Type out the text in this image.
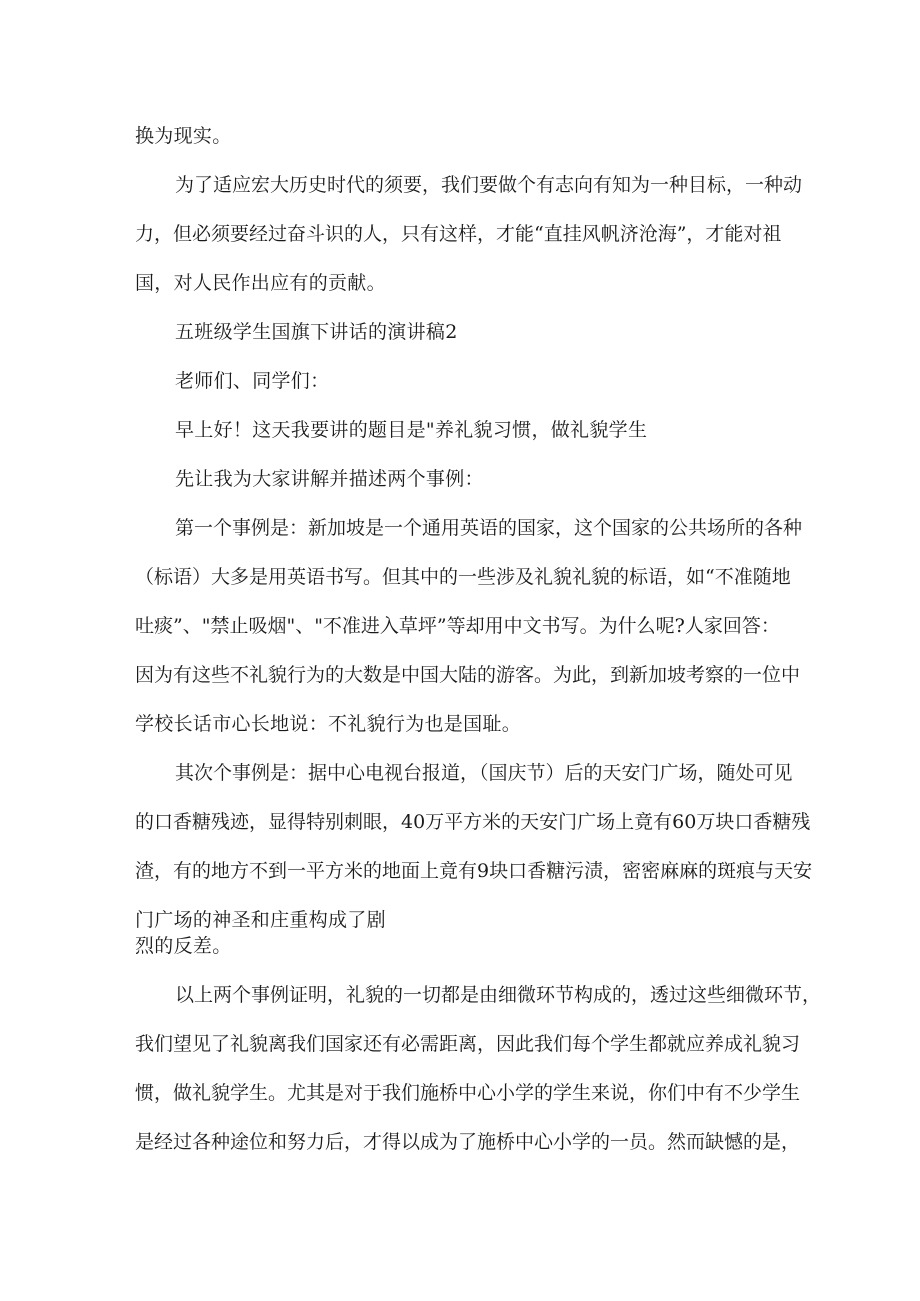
换为现实。
为了适应宏大历史时代的须要，我们要做个有志向有知为一种目标，一种动
力，但必须要经过奋斗识的人，只有这样，才能“直挂风帆济沧海”，才能对祖
国，对人民作出应有的贡献。
五班级学生国旗下讲话的演讲稿2
老师们、同学们：
早上好！这天我要讲的题目是"养礼貌习惯，做礼貌学生
先让我为大家讲解并描述两个事例：
第一个事例是：新加坡是一个通用英语的国家，这个国家的公共场所的各种
（标语）大多是用英语书写。但其中的一些涉及礼貌礼貌的标语，如“不准随地
吐痰”、"禁止吸烟"、"不准进入草坪”等却用中文书写。为什么呢?人家回答：
因为有这些不礼貌行为的大数是中国大陆的游客。为此，到新加坡考察的一位中
学校长话市心长地说：不礼貌行为也是国耻。
其次个事例是：据中心电视台报道，（国庆节）后的天安门广场，随处可见
的口香糖残迹，显得特别刺眼，40万平方米的天安门广场上竟有60万块口香糖残
渣，有的地方不到一平方米的地面上竟有9块口香糖污渍，密密麻麻的斑痕与天安
门广场的神圣和庄重构成了剧
烈的反差。
以上两个事例证明，礼貌的一切都是由细微环节构成的，透过这些细微环节，
我们望见了礼貌离我们国家还有必需距离，因此我们每个学生都就应养成礼貌习
惯，做礼貌学生。尤其是对于我们施桥中心小学的学生来说，你们中有不少学生
是经过各种途位和努力后，才得以成为了施桥中心小学的一员。然而缺憾的是，
